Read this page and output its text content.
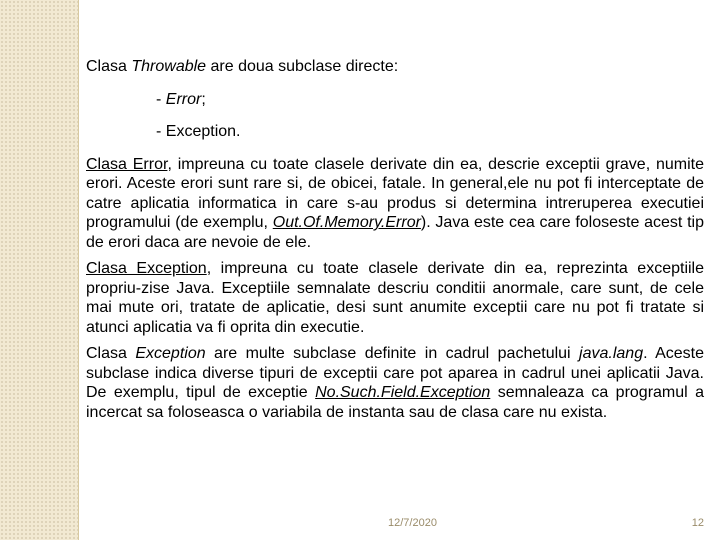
Clasa Throwable are doua subclase directe:

- Error;

- Exception.

Clasa Error, impreuna cu toate clasele derivate din ea, descrie exceptii grave, numite erori. Aceste erori sunt rare si, de obicei, fatale. In general,ele nu pot fi interceptate de catre aplicatia informatica in care s-au produs si determina intreruperea executiei programului (de exemplu, Out.Of.Memory.Error). Java este cea care foloseste acest tip de erori daca are nevoie de ele.

Clasa Exception, impreuna cu toate clasele derivate din ea, reprezinta exceptiile propriu-zise Java. Exceptiile semnalate descriu conditii anormale, care sunt, de cele mai mute ori, tratate de aplicatie, desi sunt anumite exceptii care nu pot fi tratate si atunci aplicatia va fi oprita din executie.

Clasa Exception are multe subclase definite in cadrul pachetului java.lang. Aceste subclase indica diverse tipuri de exceptii care pot aparea in cadrul unei aplicatii Java. De exemplu, tipul de exceptie No.Such.Field.Exception semnaleaza ca programul a incercat sa foloseasca o variabila de instanta sau de clasa care nu exista.

12/7/2020	12
